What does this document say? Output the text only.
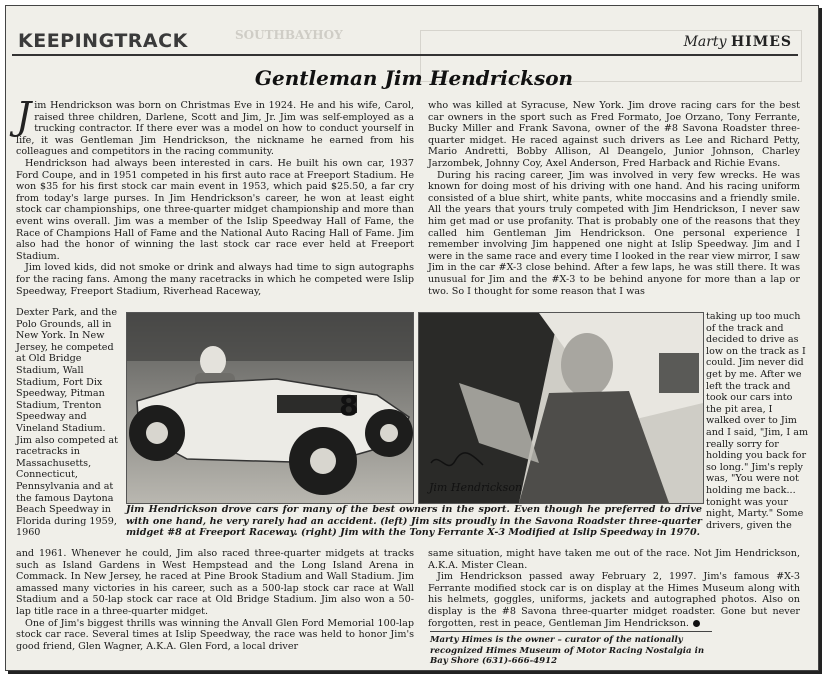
SOUTHBAYHOY
KEEPINGTRACK	Marty HIMES
Gentleman Jim Hendrickson

Jim Hendrickson was born on Christmas Eve in 1924. He and his wife, Carol, raised three children, Darlene, Scott and Jim, Jr. Jim was self-employed as a trucking contractor. If there ever was a model on how to conduct yourself in life, it was Gentleman Jim Hendrickson, the nickname he earned from his colleagues and competitors in the racing community.

Hendrickson had always been interested in cars. He built his own car, 1937 Ford Coupe, and in 1951 competed in his first auto race at Freeport Stadium. He won $35 for his first stock car main event in 1953, which paid $25.50, a far cry from today's large purses. In Jim Hendrickson's career, he won at least eight stock car championships, one three-quarter midget championship and more than event wins overall. Jim was a member of the Islip Speedway Hall of Fame, the Race of Champions Hall of Fame and the National Auto Racing Hall of Fame. Jim also had the honor of winning the last stock car race ever held at Freeport Stadium.

Jim loved kids, did not smoke or drink and always had time to sign autographs for the racing fans. Among the many racetracks in which he competed were Islip Speedway, Freeport Stadium, Riverhead Raceway,

Dexter Park, and the Polo Grounds, all in New York. In New Jersey, he competed at Old Bridge Stadium, Wall Stadium, Fort Dix Speedway, Pitman Stadium, Trenton Speedway and Vineland Stadium. Jim also competed at racetracks in Massachusetts, Connecticut, Pennsylvania and at the famous Daytona Beach Speedway in Florida during 1959, 1960

and 1961. Whenever he could, Jim also raced three-quarter midgets at tracks such as Island Gardens in West Hempstead and the Long Island Arena in Commack. In New Jersey, he raced at Pine Brook Stadium and Wall Stadium. Jim amassed many victories in his career, such as a 500-lap stock car race at Wall Stadium and a 50-lap stock car race at Old Bridge Stadium. Jim also won a 50-lap title race in a three-quarter midget.

One of Jim's biggest thrills was winning the Anvall Glen Ford Memorial 100-lap stock car race. Several times at Islip Speedway, the race was held to honor Jim's good friend, Glen Wagner, A.K.A. Glen Ford, a local driver

who was killed at Syracuse, New York. Jim drove racing cars for the best car owners in the sport such as Fred Formato, Joe Orzano, Tony Ferrante, Bucky Miller and Frank Savona, owner of the #8 Savona Roadster three-quarter midget. He raced against such drivers as Lee and Richard Petty, Mario Andretti, Bobby Allison, Al Deangelo, Junior Johnson, Charley Jarzombek, Johnny Coy, Axel Anderson, Fred Harback and Richie Evans.

During his racing career, Jim was involved in very few wrecks. He was known for doing most of his driving with one hand. And his racing uniform consisted of a blue shirt, white pants, white moccasins and a friendly smile. All the years that yours truly competed with Jim Hendrickson, I never saw him get mad or use profanity. That is probably one of the reasons that they called him Gentleman Jim Hendrickson. One personal experience I remember involving Jim happened one night at Islip Speedway. Jim and I were in the same race and every time I looked in the rear view mirror, I saw Jim in the car #X-3 close behind. After a few laps, he was still there. It was unusual for Jim and the #X-3 to be behind anyone for more than a lap or two. So I thought for some reason that I was

taking up too much of the track and decided to drive as low on the track as I could. Jim never did get by me. After we left the track and took our cars into the pit area, I walked over to Jim and I said, "Jim, I am really sorry for holding you back for so long." Jim's reply was, "You were not holding me back... tonight was your night, Marty." Some drivers, given the

same situation, might have taken me out of the race. Not Jim Hendrickson, A.K.A. Mister Clean.

Jim Hendrickson passed away February 2, 1997. Jim's famous #X-3 Ferrante modified stock car is on display at the Himes Museum along with his helmets, goggles, uniforms, jackets and autographed photos. Also on display is the #8 Savona three-quarter midget roadster. Gone but never forgotten, rest in peace, Gentleman Jim Hendrickson.

8
Jim Hendrickson
Jim Hendrickson drove cars for many of the best owners in the sport. Even though he preferred to drive with one hand, he very rarely had an accident. (left) Jim sits proudly in the Savona Roadster three-quarter midget #8 at Freeport Raceway. (right) Jim with the Tony Ferrante X-3 Modified at Islip Speedway in 1970.
Marty Himes is the owner – curator of the nationally recognized Himes Museum of Motor Racing Nostalgia in Bay Shore (631)-666-4912
